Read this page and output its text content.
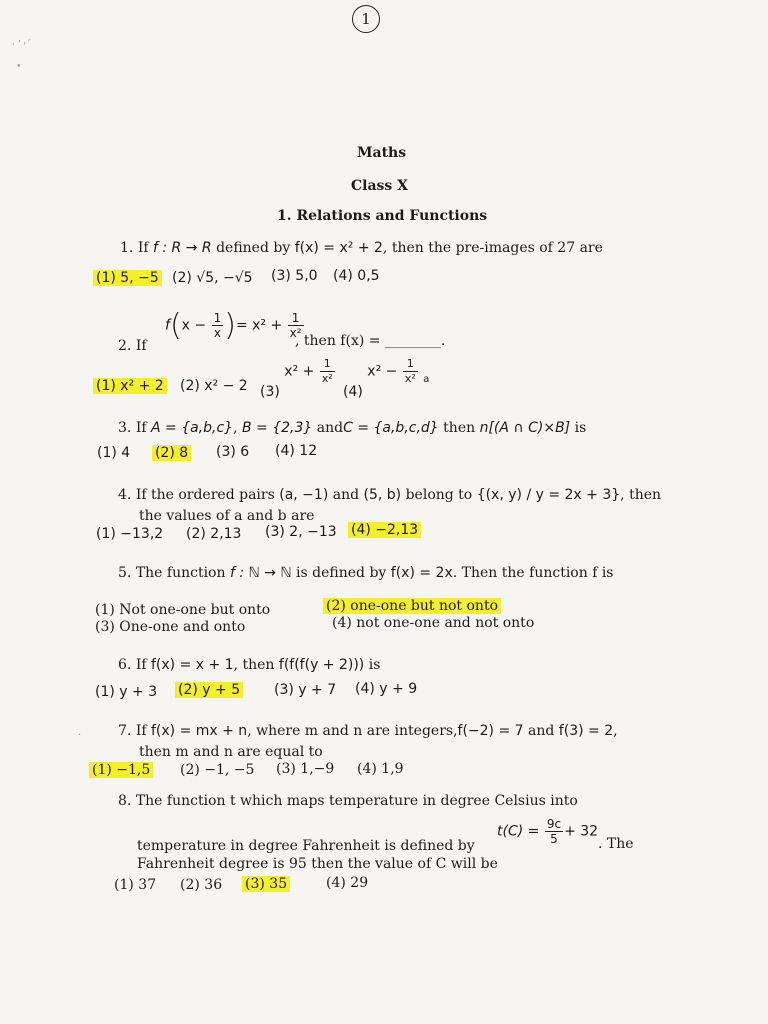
1
· ʼ ˒ˊ
•
Maths
Class X
1. Relations and Functions
1. If f : R → R defined by f(x) = x² + 2, then the pre-images of 27 are
(1) 5, −5 (2) √5, −√5 (3) 5,0 (4) 0,5
2. If
$f(x - \frac{1}{x}$ )= $x^2 + \frac{1}{\text{x²}}$
, then f(x) = ________.
(1) x² + 2 (2) x² − 2 (3) $x^2 + \frac{1}{\text{x²}}$
(4) $x^2 - \frac{1}{\text{x²}} _a$
3. If A = {a,b,c}, B = {2,3} andC = {a,b,c,d} then n[(A ∩ C)×B] is
(1) 4 (2) 8 (3) 6 (4) 12
4. If the ordered pairs (a, −1) and (5, b) belong to {(x, y) / y = 2x + 3}, then
the values of a and b are
(1) −13,2 (2) 2,13 (3) 2, −13 (4) −2,13
5. The function f : ℕ → ℕ is defined by f(x) = 2x. Then the function f is
(1) Not one-one but onto	(2) one-one but not onto
(3) One-one and onto	(4) not one-one and not onto
6. If f(x) = x + 1, then f(f(f(y + 2))) is
(1) y + 3 (2) y + 5 (3) y + 7 (4) y + 9
·	7. If f(x) = mx + n, where m and n are integers,f(−2) = 7 and f(3) = 2,
then m and n are equal to
(1) −1,5 (2) −1, −5 (3) 1,−9 (4) 1,9
8. The function t which maps temperature in degree Celsius into
temperature in degree Fahrenheit is defined by
$t(C) = \frac{9c}{5} + 32$
. The
Fahrenheit degree is 95 then the value of C will be
(1) 37 (2) 36 (3) 35	(4) 29
